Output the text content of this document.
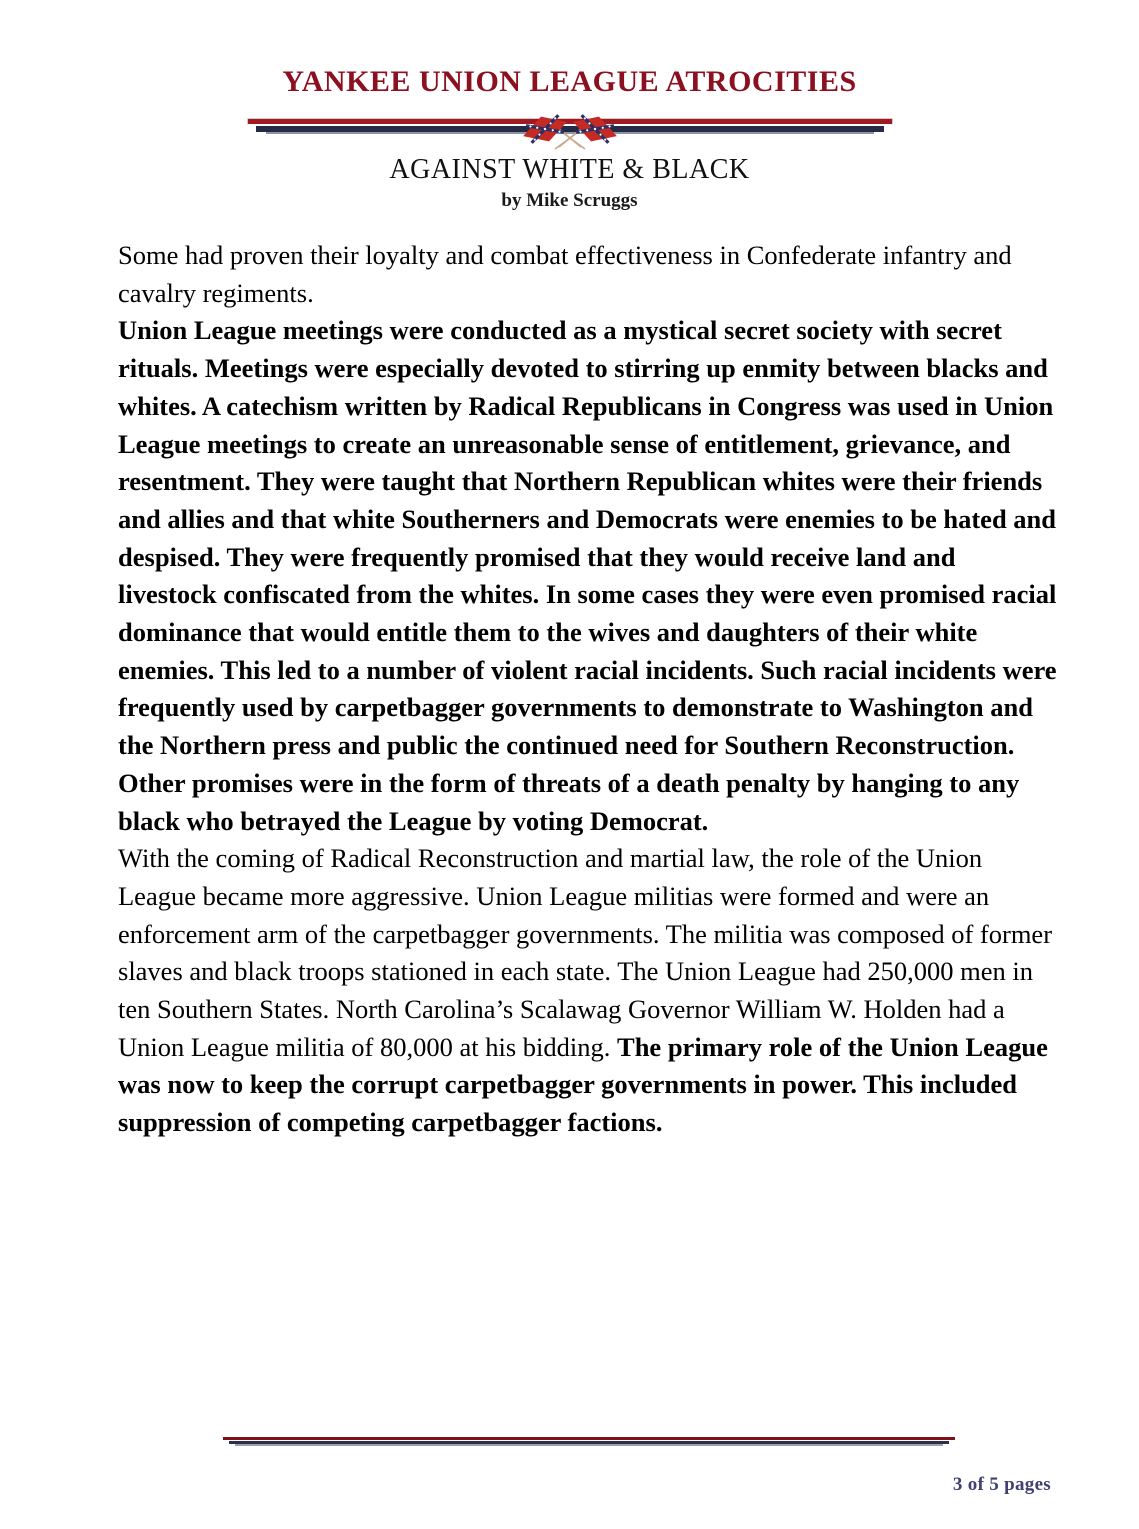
YANKEE UNION LEAGUE ATROCITIES
AGAINST WHITE & BLACK
by Mike Scruggs

Some had proven their loyalty and combat effectiveness in Confederate infantry and cavalry regiments.

Union League meetings were conducted as a mystical secret society with secret rituals. Meetings were especially devoted to stirring up enmity between blacks and whites. A catechism written by Radical Republicans in Congress was used in Union League meetings to create an unreasonable sense of entitlement, grievance, and resentment. They were taught that Northern Republican whites were their friends and allies and that white Southerners and Democrats were enemies to be hated and despised. They were frequently promised that they would receive land and livestock confiscated from the whites. In some cases they were even promised racial dominance that would entitle them to the wives and daughters of their white enemies. This led to a number of violent racial incidents. Such racial incidents were frequently used by carpetbagger governments to demonstrate to Washington and the Northern press and public the continued need for Southern Reconstruction. Other promises were in the form of threats of a death penalty by hanging to any black who betrayed the League by voting Democrat.

With the coming of Radical Reconstruction and martial law, the role of the Union League became more aggressive. Union League militias were formed and were an enforcement arm of the carpetbagger governments. The militia was composed of former slaves and black troops stationed in each state. The Union League had 250,000 men in ten Southern States. North Carolina’s Scalawag Governor William W. Holden had a Union League militia of 80,000 at his bidding. The primary role of the Union League was now to keep the corrupt carpetbagger governments in power. This included suppression of competing carpetbagger factions.

3 of 5 pages
